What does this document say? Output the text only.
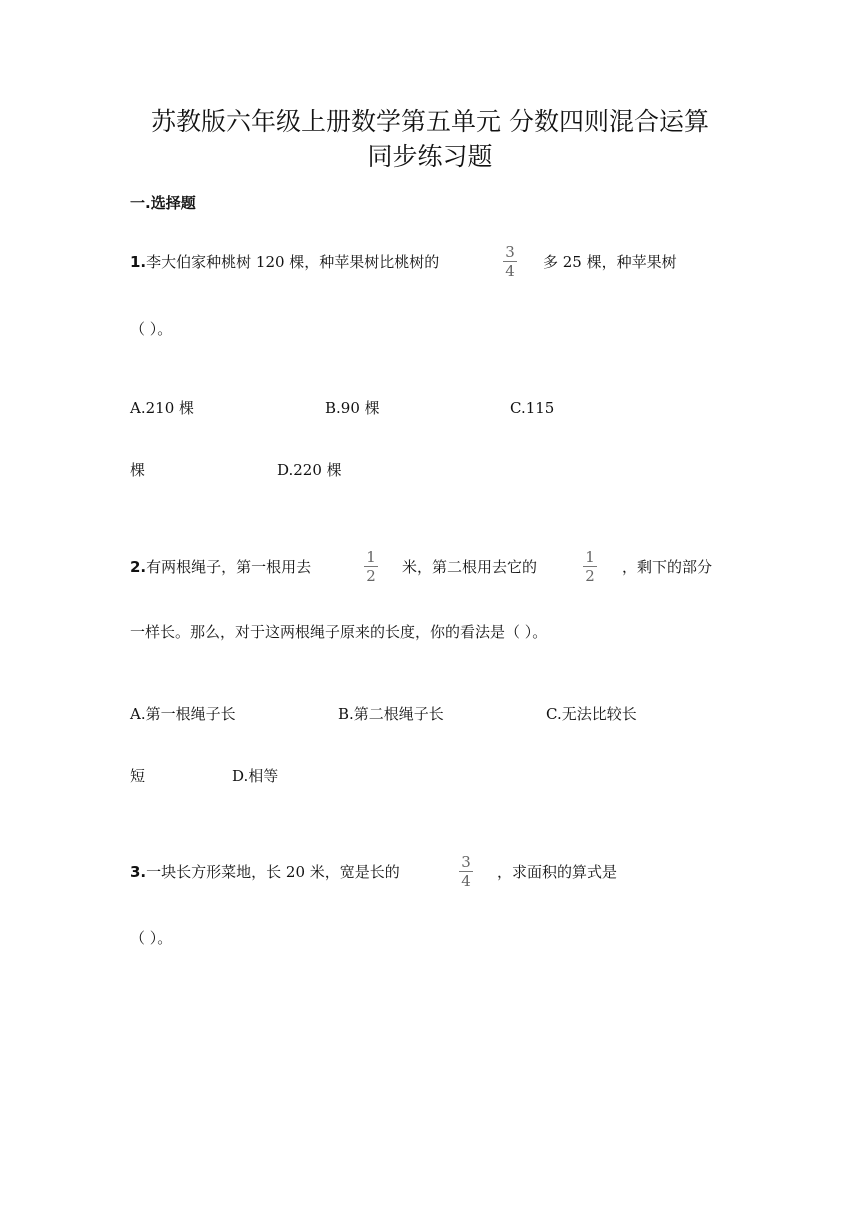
苏教版六年级上册数学第五单元 分数四则混合运算
同步练习题
一.选择题
1.李大伯家种桃树 120 棵，种苹果树比桃树的
3
4 多 25 棵，种苹果树
（ ）。
A.210 棵	B.90 棵	C.115
棵	D.220 棵
2.有两根绳子，第一根用去
1
2 米，第二根用去它的
1
2 ，剩下的部分
一样长。那么，对于这两根绳子原来的长度，你的看法是（ ）。
A.第一根绳子长	B.第二根绳子长	C.无法比较长
短	D.相等
3.一块长方形菜地，长 20 米，宽是长的
3
4 ，求面积的算式是
（ ）。
